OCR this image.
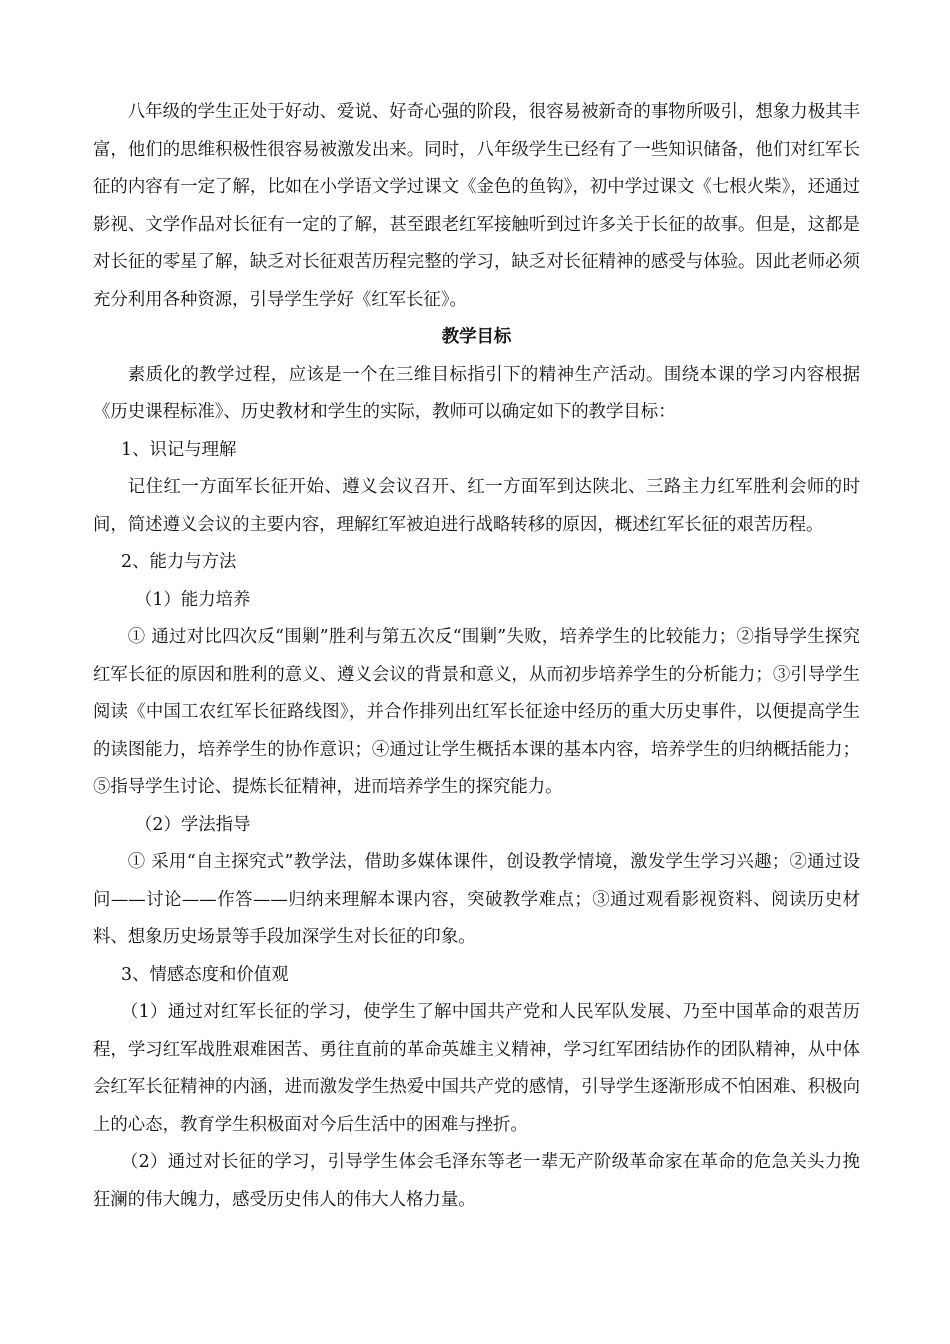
八年级的学生正处于好动、爱说、好奇心强的阶段，很容易被新奇的事物所吸引，想象力极其丰富，他们的思维积极性很容易被激发出来。同时，八年级学生已经有了一些知识储备，他们对红军长征的内容有一定了解，比如在小学语文学过课文《金色的鱼钩》，初中学过课文《七根火柴》，还通过影视、文学作品对长征有一定的了解，甚至跟老红军接触听到过许多关于长征的故事。但是，这都是对长征的零星了解，缺乏对长征艰苦历程完整的学习，缺乏对长征精神的感受与体验。因此老师必须充分利用各种资源，引导学生学好《红军长征》。

教学目标

素质化的教学过程，应该是一个在三维目标指引下的精神生产活动。围绕本课的学习内容根据《历史课程标准》、历史教材和学生的实际，教师可以确定如下的教学目标：

1、识记与理解

记住红一方面军长征开始、遵义会议召开、红一方面军到达陕北、三路主力红军胜利会师的时间，简述遵义会议的主要内容，理解红军被迫进行战略转移的原因，概述红军长征的艰苦历程。

2、能力与方法

（1）能力培养

① 通过对比四次反“围剿”胜利与第五次反“围剿”失败，培养学生的比较能力；②指导学生探究红军长征的原因和胜利的意义、遵义会议的背景和意义，从而初步培养学生的分析能力；③引导学生阅读《中国工农红军长征路线图》，并合作排列出红军长征途中经历的重大历史事件，以便提高学生的读图能力，培养学生的协作意识；④通过让学生概括本课的基本内容，培养学生的归纳概括能力；⑤指导学生讨论、提炼长征精神，进而培养学生的探究能力。

（2）学法指导

① 采用“自主探究式”教学法，借助多媒体课件，创设教学情境，激发学生学习兴趣；②通过设问——讨论——作答——归纳来理解本课内容，突破教学难点；③通过观看影视资料、阅读历史材料、想象历史场景等手段加深学生对长征的印象。

3、情感态度和价值观

（1）通过对红军长征的学习，使学生了解中国共产党和人民军队发展、乃至中国革命的艰苦历程，学习红军战胜艰难困苦、勇往直前的革命英雄主义精神，学习红军团结协作的团队精神，从中体会红军长征精神的内涵，进而激发学生热爱中国共产党的感情，引导学生逐渐形成不怕困难、积极向上的心态，教育学生积极面对今后生活中的困难与挫折。

（2）通过对长征的学习，引导学生体会毛泽东等老一辈无产阶级革命家在革命的危急关头力挽狂澜的伟大魄力，感受历史伟人的伟大人格力量。
